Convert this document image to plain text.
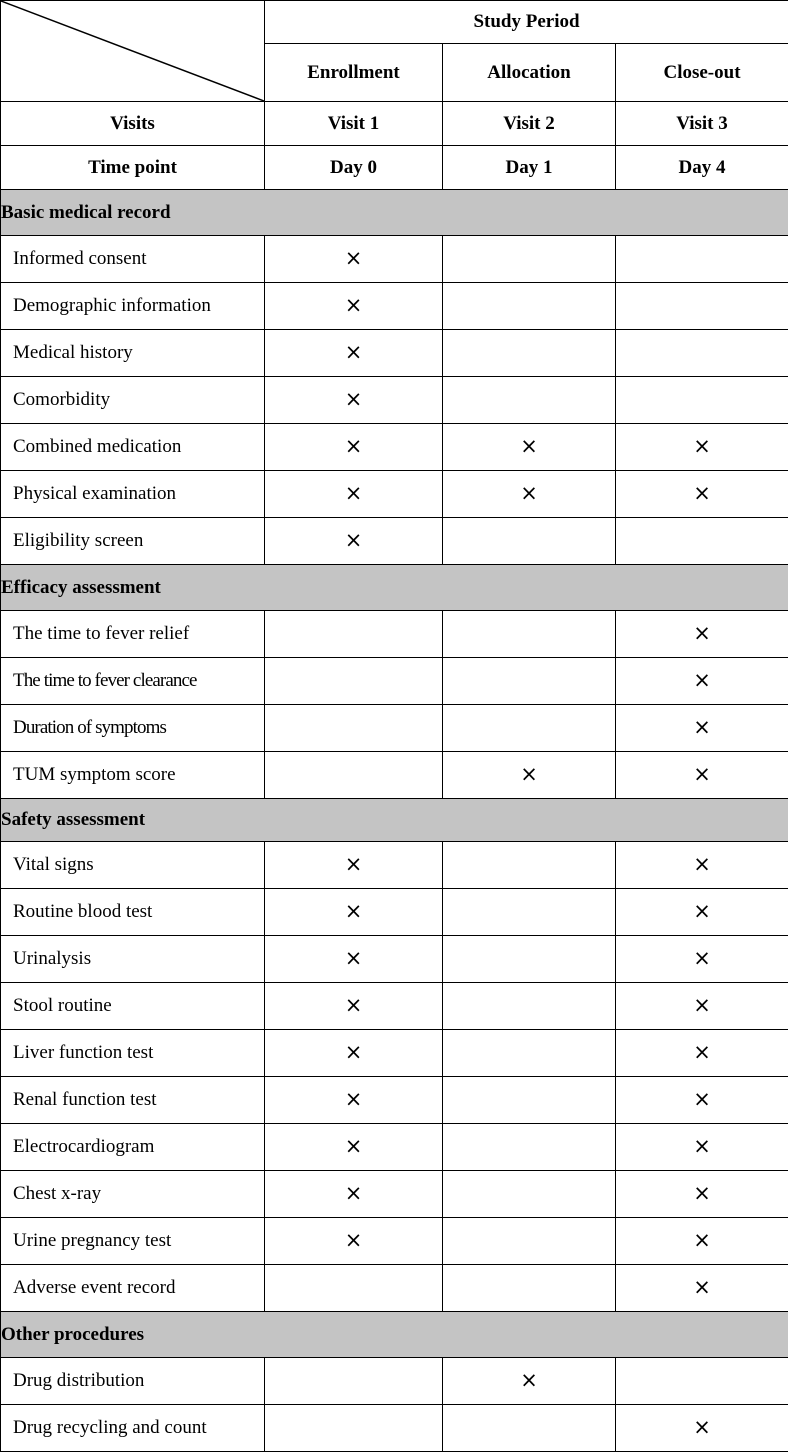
	Study Period		
	Enrollment	Allocation	Close-out
Visits	Visit 1	Visit 2	Visit 3
Time point	Day 0	Day 1	Day 4
Basic medical record			
Informed consent	×		
Demographic information	×		
Medical history	×		
Comorbidity	×		
Combined medication	×	×	×
Physical examination	×	×	×
Eligibility screen	×		
Efficacy assessment			
The time to fever relief			×
The time to fever clearance			×
Duration of symptoms			×
TUM symptom score		×	×
Safety assessment			
Vital signs	×		×
Routine blood test	×		×
Urinalysis	×		×
Stool routine	×		×
Liver function test	×		×
Renal function test	×		×
Electrocardiogram	×		×
Chest x-ray	×		×
Urine pregnancy test	×		×
Adverse event record			×
Other procedures			
Drug distribution		×	
Drug recycling and count			×
